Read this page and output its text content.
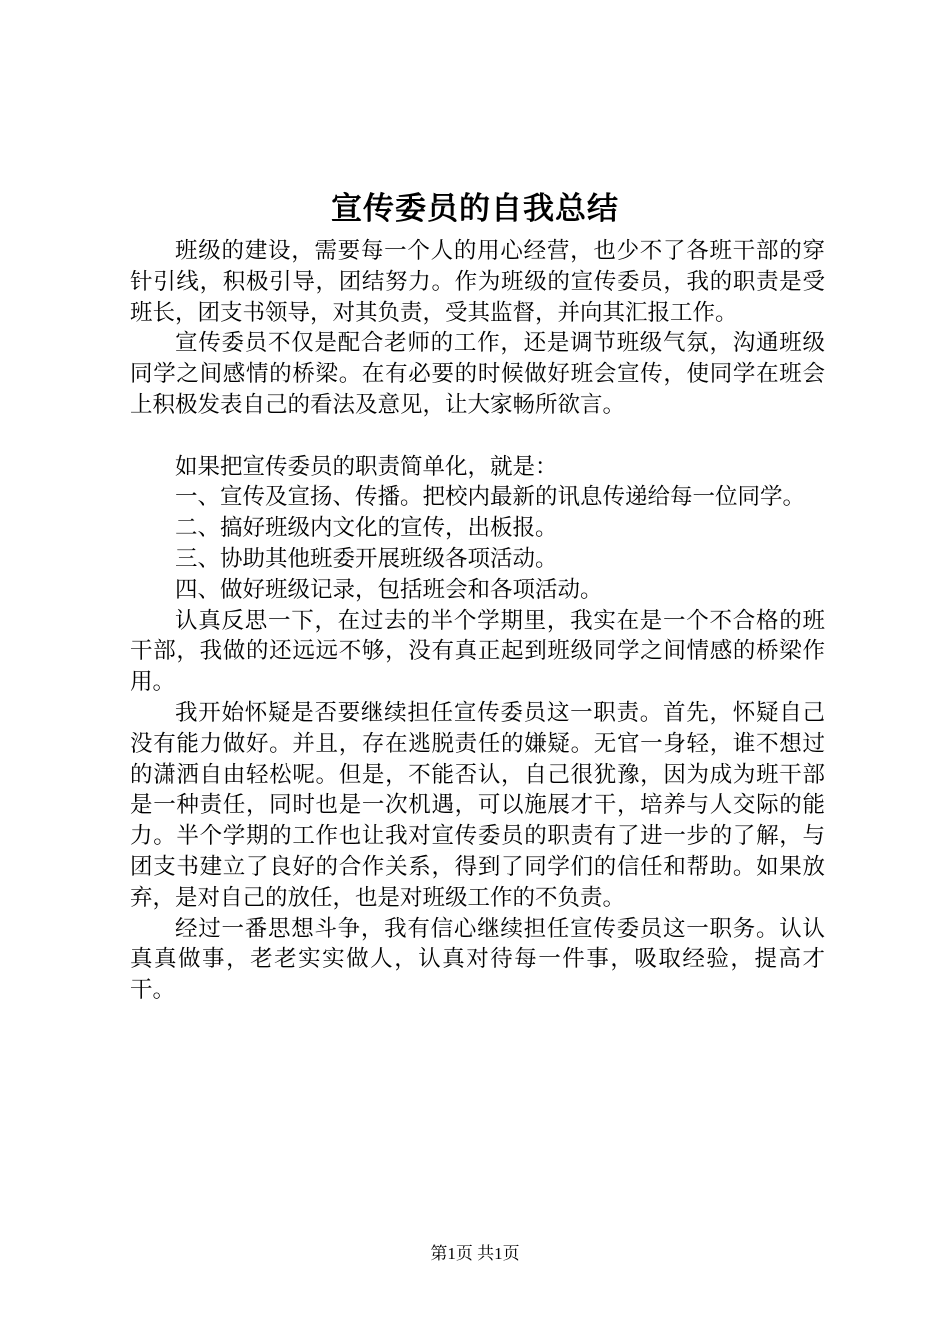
宣传委员的自我总结

班级的建设，需要每一个人的用心经营，也少不了各班干部的穿针引线，积极引导，团结努力。作为班级的宣传委员，我的职责是受班长，团支书领导，对其负责，受其监督，并向其汇报工作。

宣传委员不仅是配合老师的工作，还是调节班级气氛，沟通班级同学之间感情的桥梁。在有必要的时候做好班会宣传，使同学在班会上积极发表自己的看法及意见，让大家畅所欲言。

如果把宣传委员的职责简单化，就是：

一、宣传及宣扬、传播。把校内最新的讯息传递给每一位同学。

二、搞好班级内文化的宣传，出板报。

三、协助其他班委开展班级各项活动。

四、做好班级记录，包括班会和各项活动。

认真反思一下，在过去的半个学期里，我实在是一个不合格的班干部，我做的还远远不够，没有真正起到班级同学之间情感的桥梁作用。

我开始怀疑是否要继续担任宣传委员这一职责。首先，怀疑自己没有能力做好。并且，存在逃脱责任的嫌疑。无官一身轻，谁不想过的潇洒自由轻松呢。但是，不能否认，自己很犹豫，因为成为班干部是一种责任，同时也是一次机遇，可以施展才干，培养与人交际的能力。半个学期的工作也让我对宣传委员的职责有了进一步的了解，与团支书建立了良好的合作关系，得到了同学们的信任和帮助。如果放弃，是对自己的放任，也是对班级工作的不负责。

经过一番思想斗争，我有信心继续担任宣传委员这一职务。认认真真做事，老老实实做人，认真对待每一件事，吸取经验，提高才干。

第1页 共1页
